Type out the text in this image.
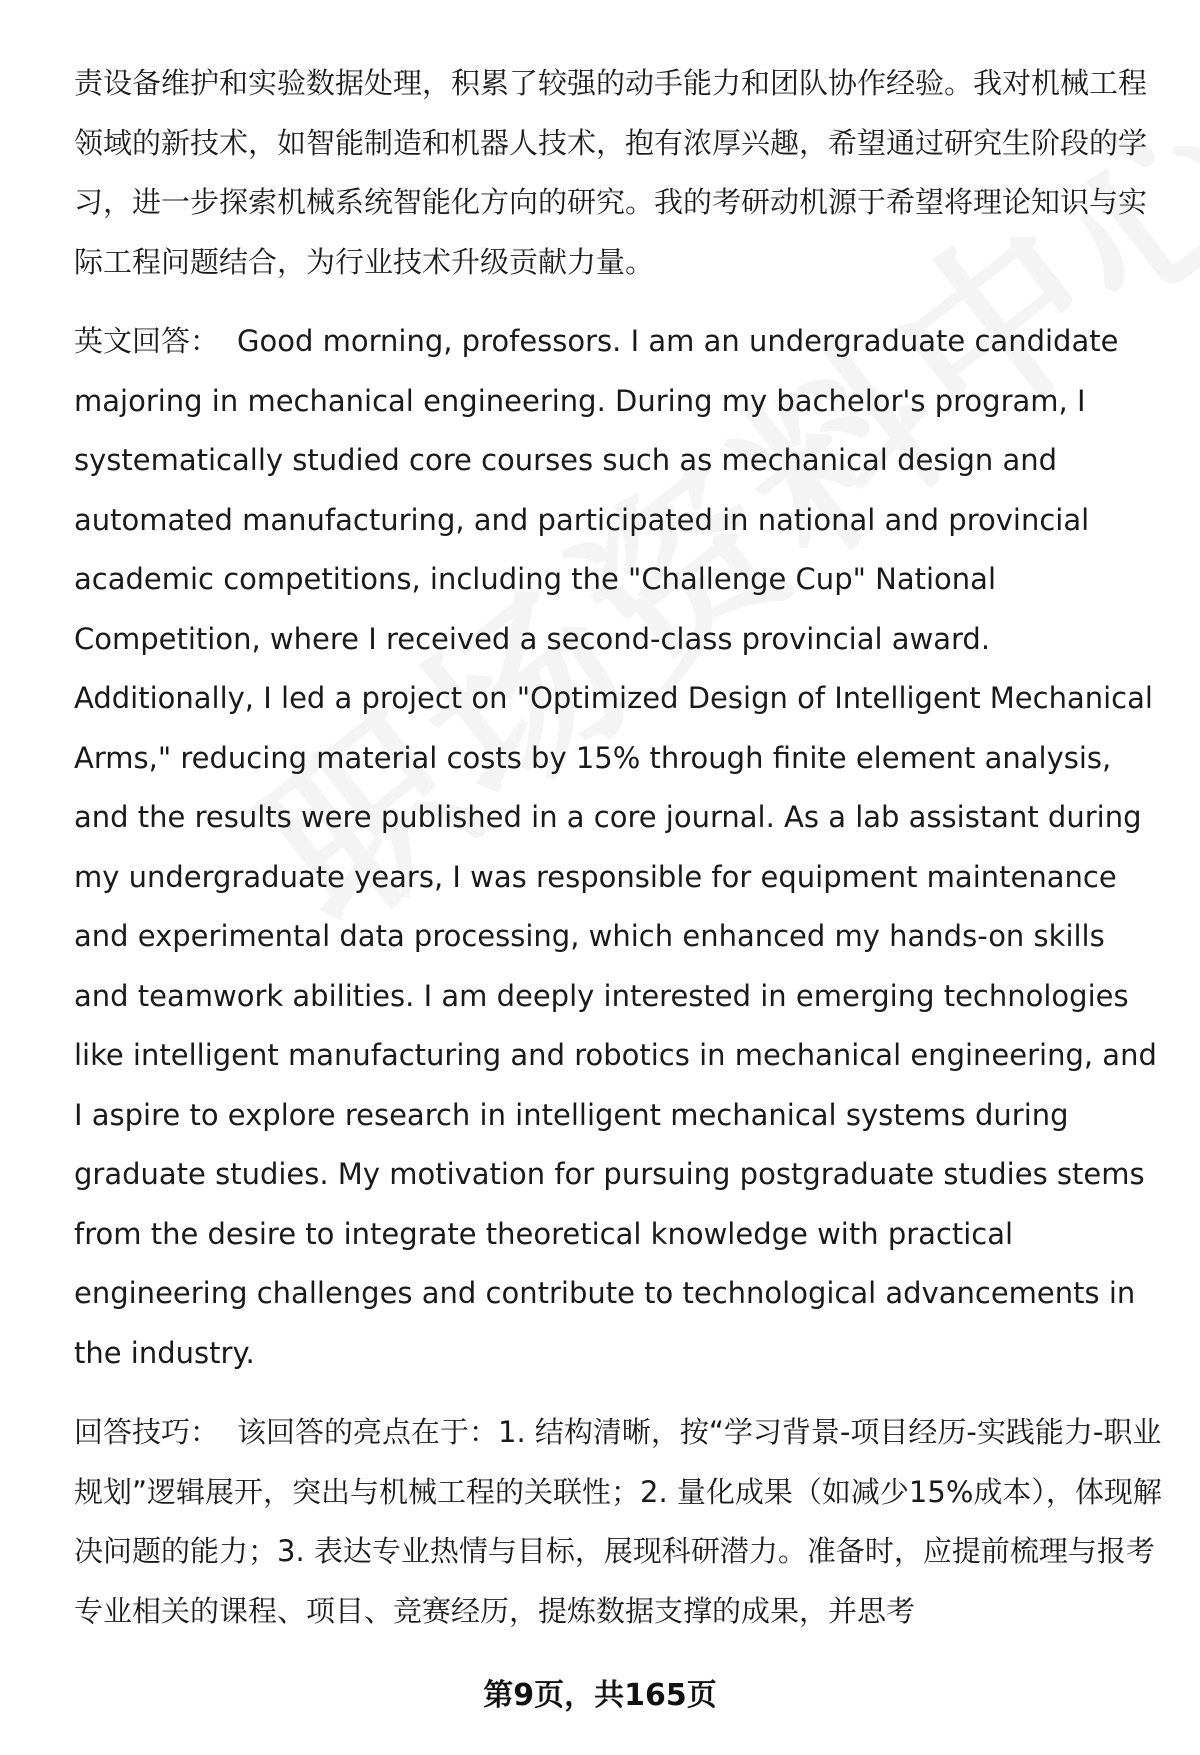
责设备维护和实验数据处理，积累了较强的动手能力和团队协作经验。我对机械工程领域的新技术，如智能制造和机器人技术，抱有浓厚兴趣，希望通过研究生阶段的学习，进一步探索机械系统智能化方向的研究。我的考研动机源于希望将理论知识与实际工程问题结合，为行业技术升级贡献力量。

英文回答： Good morning, professors. I am an undergraduate candidate majoring in mechanical engineering. During my bachelor's program, I systematically studied core courses such as mechanical design and automated manufacturing, and participated in national and provincial academic competitions, including the "Challenge Cup" National Competition, where I received a second-class provincial award. Additionally, I led a project on "Optimized Design of Intelligent Mechanical Arms," reducing material costs by 15% through finite element analysis, and the results were published in a core journal. As a lab assistant during my undergraduate years, I was responsible for equipment maintenance and experimental data processing, which enhanced my hands-on skills and teamwork abilities. I am deeply interested in emerging technologies like intelligent manufacturing and robotics in mechanical engineering, and I aspire to explore research in intelligent mechanical systems during graduate studies. My motivation for pursuing postgraduate studies stems from the desire to integrate theoretical knowledge with practical engineering challenges and contribute to technological advancements in the industry.

回答技巧： 该回答的亮点在于：1. 结构清晰，按“学习背景-项目经历-实践能力-职业规划”逻辑展开，突出与机械工程的关联性；2. 量化成果（如减少15%成本），体现解决问题的能力；3. 表达专业热情与目标，展现科研潜力。准备时，应提前梳理与报考专业相关的课程、项目、竞赛经历，提炼数据支撑的成果，并思考

第9页，共165页
